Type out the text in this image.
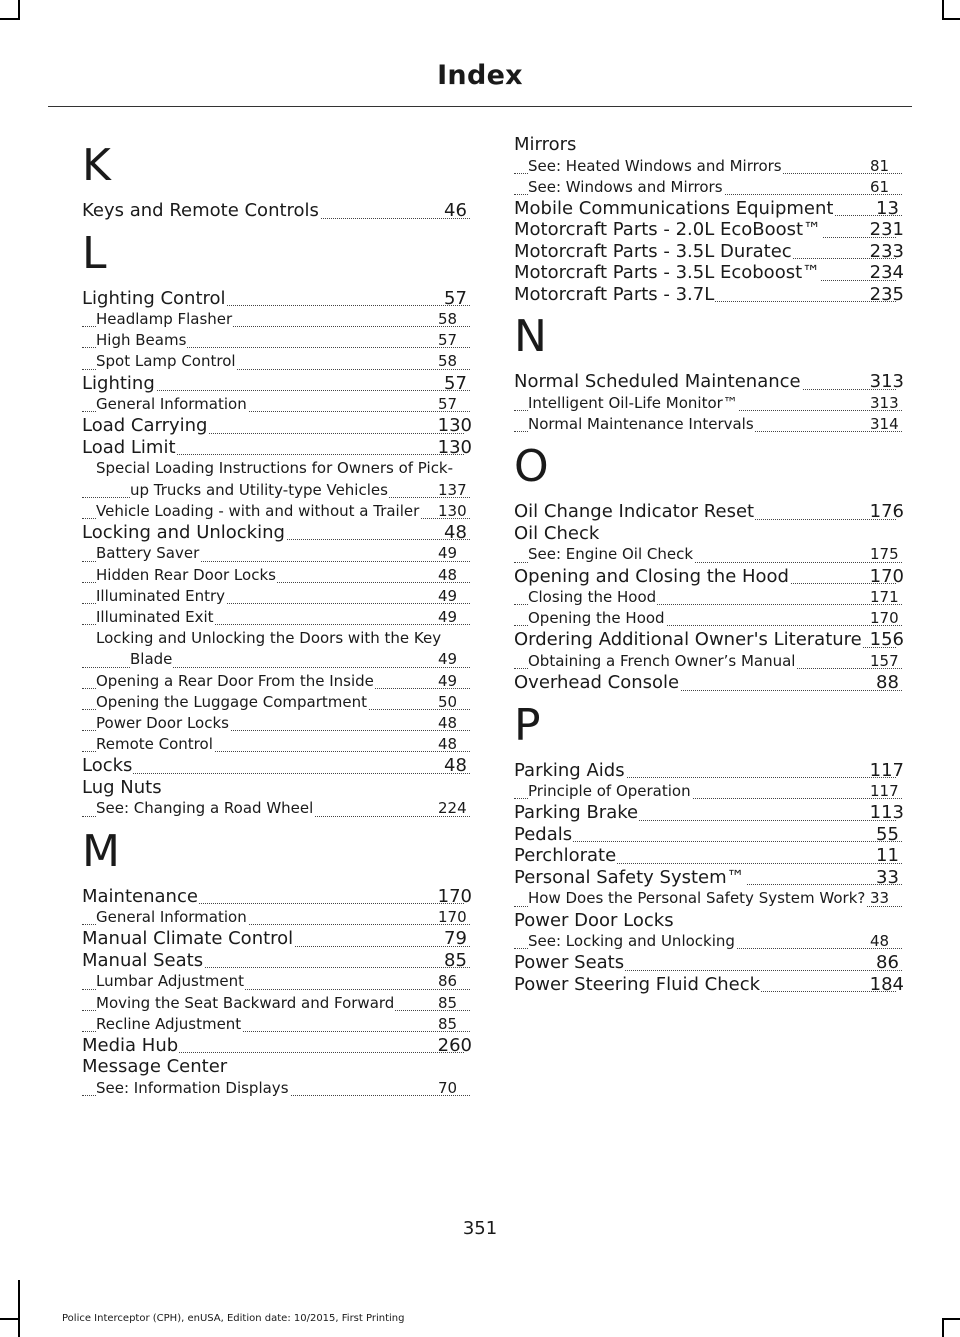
Index
K
Keys and Remote Controls	46
L
Lighting Control	57
Headlamp Flasher	58
High Beams	57
Spot Lamp Control	58
Lighting	57
General Information	57
Load Carrying	130
Load Limit	130
Special Loading Instructions for Owners of Pick-up Trucks and Utility-type Vehicles	137
Vehicle Loading - with and without a Trailer	130
Locking and Unlocking	48
Battery Saver	49
Hidden Rear Door Locks	48
Illuminated Entry	49
Illuminated Exit	49
Locking and Unlocking the Doors with the Key Blade	49
Opening a Rear Door From the Inside	49
Opening the Luggage Compartment	50
Power Door Locks	48
Remote Control	48
Locks	48
Lug Nuts
See: Changing a Road Wheel	224
M
Maintenance	170
General Information	170
Manual Climate Control	79
Manual Seats	85
Lumbar Adjustment	86
Moving the Seat Backward and Forward	85
Recline Adjustment	85
Media Hub	260
Message Center
See: Information Displays	70
Mirrors
See: Heated Windows and Mirrors	81
See: Windows and Mirrors	61
Mobile Communications Equipment	13
Motorcraft Parts - 2.0L EcoBoost™	231
Motorcraft Parts - 3.5L Duratec	233
Motorcraft Parts - 3.5L Ecoboost™	234
Motorcraft Parts - 3.7L	235
N
Normal Scheduled Maintenance	313
Intelligent Oil-Life Monitor™	313
Normal Maintenance Intervals	314
O
Oil Change Indicator Reset	176
Oil Check
See: Engine Oil Check	175
Opening and Closing the Hood	170
Closing the Hood	171
Opening the Hood	170
Ordering Additional Owner's Literature 156
Obtaining a French Owner’s Manual	157
Overhead Console	88
P
Parking Aids	117
Principle of Operation	117
Parking Brake	113
Pedals	55
Perchlorate	11
Personal Safety System™	33
How Does the Personal Safety System Work? 33
Power Door Locks
See: Locking and Unlocking	48
Power Seats	86
Power Steering Fluid Check	184
351
Police Interceptor (CPH), enUSA, Edition date: 10/2015, First Printing
